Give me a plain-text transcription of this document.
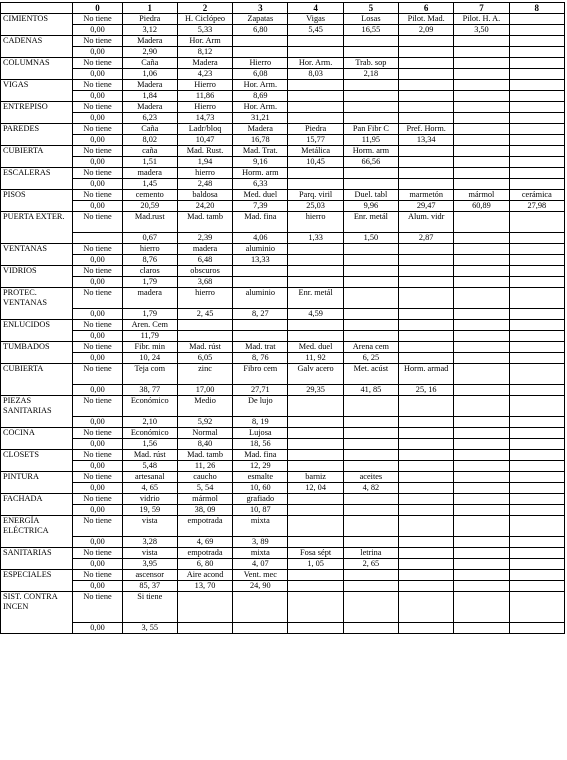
	0	1	2	3	4	5	6	7	8
CIMIENTOS	No tiene	Piedra	H. Ciclópeo	Zapatas	Vigas	Losas	Pilot. Mad.	Pilot. H. A.	
	0,00	3,12	5,33	6,80	5,45	16,55	2,09	3,50	
CADENAS	No tiene	Madera	Hor. Arm						
	0,00	2,90	8,12						
COLUMNAS	No tiene	Caña	Madera	Hierro	Hor. Arm.	Trab. sop			
	0,00	1,06	4,23	6,08	8,03	2,18			
VIGAS	No tiene	Madera	Hierro	Hor. Arm.					
	0,00	1,84	11,86	8,69					
ENTREPISO	No tiene	Madera	Hierro	Hor. Arm.					
	0,00	6,23	14,73	31,21					
PAREDES	No tiene	Caña	Ladr/bloq	Madera	Piedra	Pan Fibr C	Pref. Horm.		
	0,00	8,02	10,47	16,78	15,77	11,95	13,34		
CUBIERTA	No tiene	caña	Mad. Rust.	Mad. Trat.	Metálica	Horm. arm			
	0,00	1,51	1,94	9,16	10,45	66,56			
ESCALERAS	No tiene	madera	hierro	Horm. arm					
	0,00	1,45	2,48	6,33					
PISOS	No tiene	cemento	baldosa	Med. duel	Parq. viril	Duel. tabl	marmetón	mármol	cerámica
	0,00	20,59	24,20	7,39	25,03	9,96	29,47	60,89	27,98
PUERTA EXTER.	No tiene	Mad.rust	Mad. tamb	Mad. fina	hierro	Enr. metál	Alum. vidr		
		0,67	2,39	4,06	1,33	1,50	2,87		
VENTANAS	No tiene	hierro	madera	aluminio					
	0,00	8,76	6,48	13,33					
VIDRIOS	No tiene	claros	obscuros						
	0,00	1,79	3,68						
PROTEC. VENTANAS	No tiene	madera	hierro	aluminio	Enr. metál				
	0,00	1,79	2, 45	8, 27	4,59				
ENLUCIDOS	No tiene	Aren. Cem							
	0,00	11,79							
TUMBADOS	No tiene	Fibr. min	Mad. rúst	Mad. trat	Med. duel	Arena cem			
	0,00	10, 24	6,05	8, 76	11, 92	6, 25			
CUBIERTA	No tiene	Teja com	zinc	Fibro cem	Galv acero	Met. acúst	Horm. armad		
	0,00	38, 77	17,00	27,71	29,35	41, 85	25, 16		
PIEZAS SANITARIAS	No tiene	Económico	Medio	De lujo					
	0,00	2,10	5,92	8, 19					
COCINA	No tiene	Económico	Normal	Lujosa					
	0,00	1,56	8,40	18, 56					
CLOSETS	No tiene	Mad. rúst	Mad. tamb	Mad. fina					
	0,00	5,48	11, 26	12, 29					
PINTURA	No tiene	artesanal	caucho	esmalte	barniz	aceites			
	0,00	4, 65	5, 54	10, 60	12, 04	4, 82			
FACHADA	No tiene	vidrio	mármol	grafiado					
	0,00	19, 59	38, 09	10, 87					
ENERGÍA ELÉCTRICA	No tiene	vista	empotrada	mixta					
	0,00	3,28	4, 69	3, 89					
SANITARIAS	No tiene	vista	empotrada	mixta	Fosa sépt	letrina			
	0,00	3,95	6, 80	4, 07	1, 05	2, 65			
ESPECIALES	No tiene	ascensor	Aire acond	Vent. mec					
	0,00	85, 37	13, 70	24, 90					
SIST. CONTRA INCEN	No tiene	Si tiene							
	0,00	3, 55							
